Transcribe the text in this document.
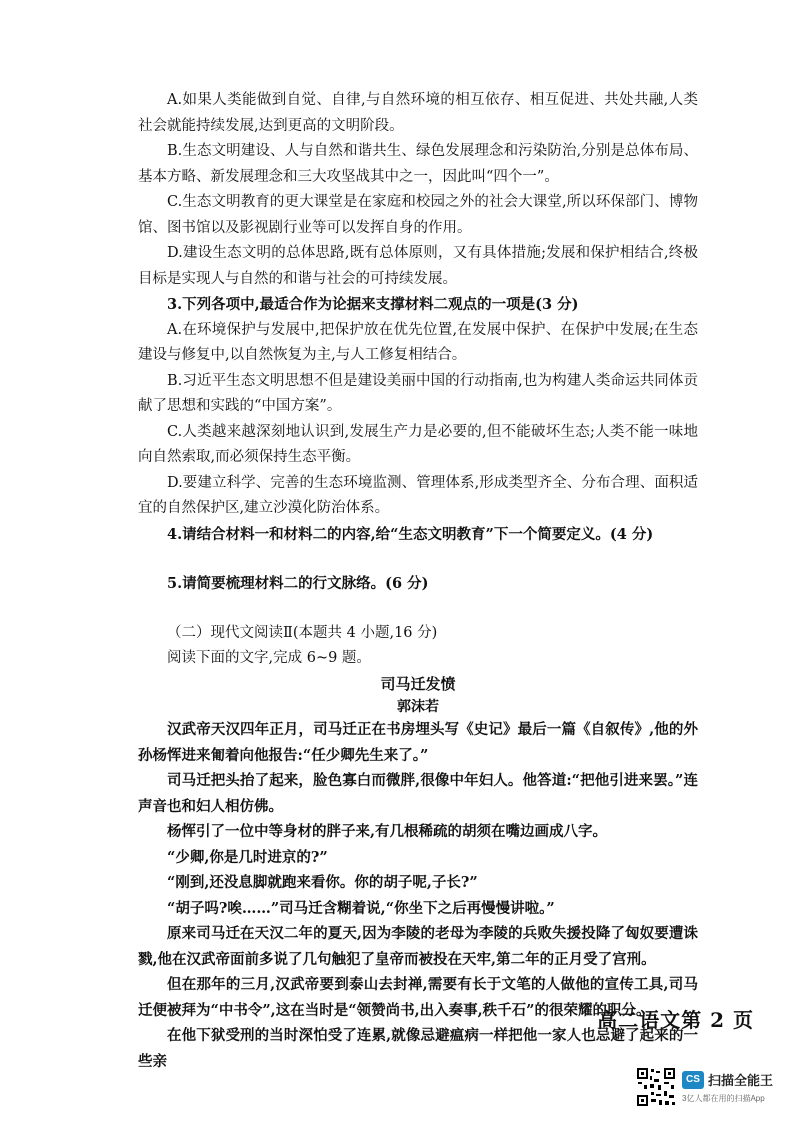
A.如果人类能做到自觉、自律,与自然环境的相互依存、相互促进、共处共融,人类社会就能持续发展,达到更高的文明阶段。

B.生态文明建设、人与自然和谐共生、绿色发展理念和污染防治,分别是总体布局、基本方略、新发展理念和三大攻坚战其中之一，因此叫“四个一”。

C.生态文明教育的更大课堂是在家庭和校园之外的社会大课堂,所以环保部门、博物馆、图书馆以及影视剧行业等可以发挥自身的作用。

D.建设生态文明的总体思路,既有总体原则，又有具体措施;发展和保护相结合,终极目标是实现人与自然的和谐与社会的可持续发展。

3.下列各项中,最适合作为论据来支撑材料二观点的一项是(3 分)

A.在环境保护与发展中,把保护放在优先位置,在发展中保护、在保护中发展;在生态建设与修复中,以自然恢复为主,与人工修复相结合。

B.习近平生态文明思想不但是建设美丽中国的行动指南,也为构建人类命运共同体贡献了思想和实践的“中国方案”。

C.人类越来越深刻地认识到,发展生产力是必要的,但不能破坏生态;人类不能一味地向自然索取,而必须保持生态平衡。

D.要建立科学、完善的生态环境监测、管理体系,形成类型齐全、分布合理、面积适宜的自然保护区,建立沙漠化防治体系。

4.请结合材料一和材料二的内容,给“生态文明教育”下一个简要定义。(4 分)

5.请简要梳理材料二的行文脉络。(6 分)

（二）现代文阅读Ⅱ(本题共 4 小题,16 分)

阅读下面的文字,完成 6~9 题。

司马迁发愤

郭沫若

汉武帝天汉四年正月，司马迁正在书房埋头写《史记》最后一篇《自叙传》,他的外孙杨恽进来匍着向他报告:“任少卿先生来了。”

司马迁把头抬了起来，脸色寡白而微胖,很像中年妇人。他答道:“把他引进来罢。”连声音也和妇人相仿佛。

杨恽引了一位中等身材的胖子来,有几根稀疏的胡须在嘴边画成八字。

“少卿,你是几时进京的?”

“刚到,还没息脚就跑来看你。你的胡子呢,子长?”

“胡子吗?唉……”司马迁含糊着说,“你坐下之后再慢慢讲啦。”

原来司马迁在天汉二年的夏天,因为李陵的老母为李陵的兵败失援投降了匈奴要遭诛戮,他在汉武帝面前多说了几句触犯了皇帝而被投在天牢,第二年的正月受了宫刑。

但在那年的三月,汉武帝要到泰山去封禅,需要有长于文笔的人做他的宣传工具,司马迁便被拜为“中书令”,这在当时是“领赞尚书,出入奏事,秩千石”的很荣耀的职分。

在他下狱受刑的当时深怕受了连累,就像忌避瘟病一样把他一家人也忌避了起来的一些亲

高二语文第 2 页
CS 扫描全能王
3亿人都在用的扫描App
